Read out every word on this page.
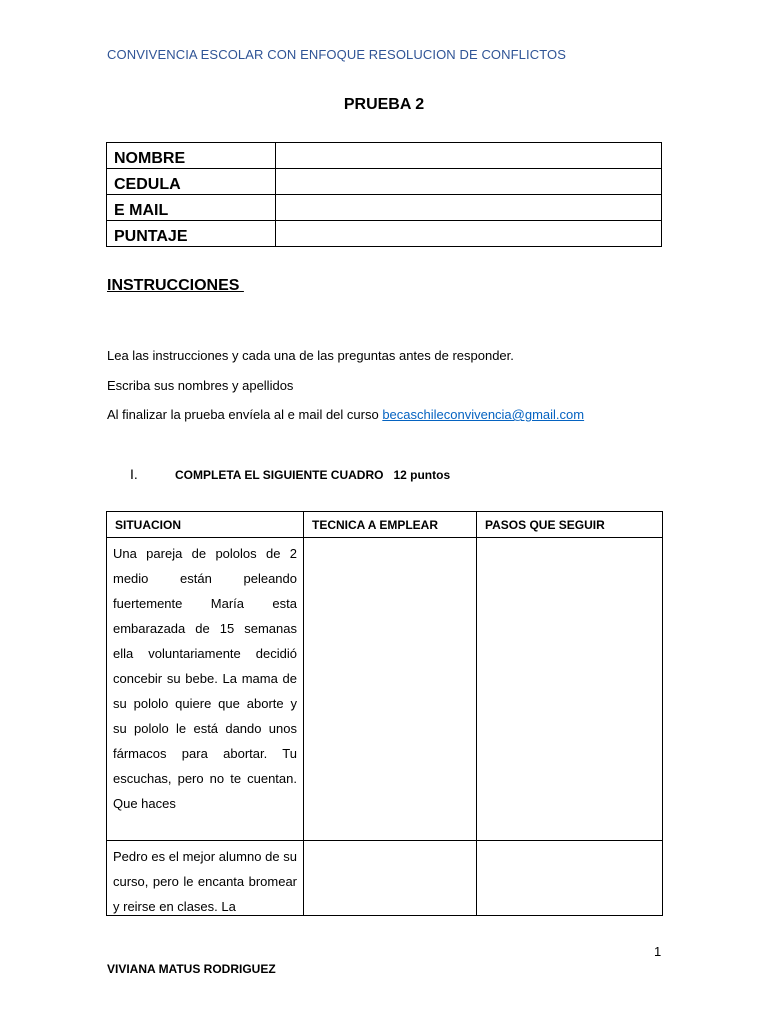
CONVIVENCIA ESCOLAR CON ENFOQUE RESOLUCION DE CONFLICTOS
PRUEBA 2
NOMBRE	
CEDULA	
E MAIL	
PUNTAJE	
INSTRUCCIONES
Lea las instrucciones y cada una de las preguntas antes de responder.
Escriba sus nombres y apellidos
Al finalizar la prueba envíela al e mail del curso becaschileconvivencia@gmail.com
I.	COMPLETA EL SIGUIENTE CUADRO   12 puntos
SITUACION	TECNICA A EMPLEAR	PASOS QUE SEGUIR
Una pareja de pololos de 2 medio están peleando fuertemente María esta embarazada de 15 semanas ella voluntariamente decidió concebir su bebe. La mama de su pololo quiere que aborte y su pololo le está dando unos fármacos para abortar. Tu escuchas, pero no te cuentan. Que haces		

Pedro es el mejor alumno de su curso, pero le encanta bromear y reirse en clases. La		

1
VIVIANA MATUS RODRIGUEZ
